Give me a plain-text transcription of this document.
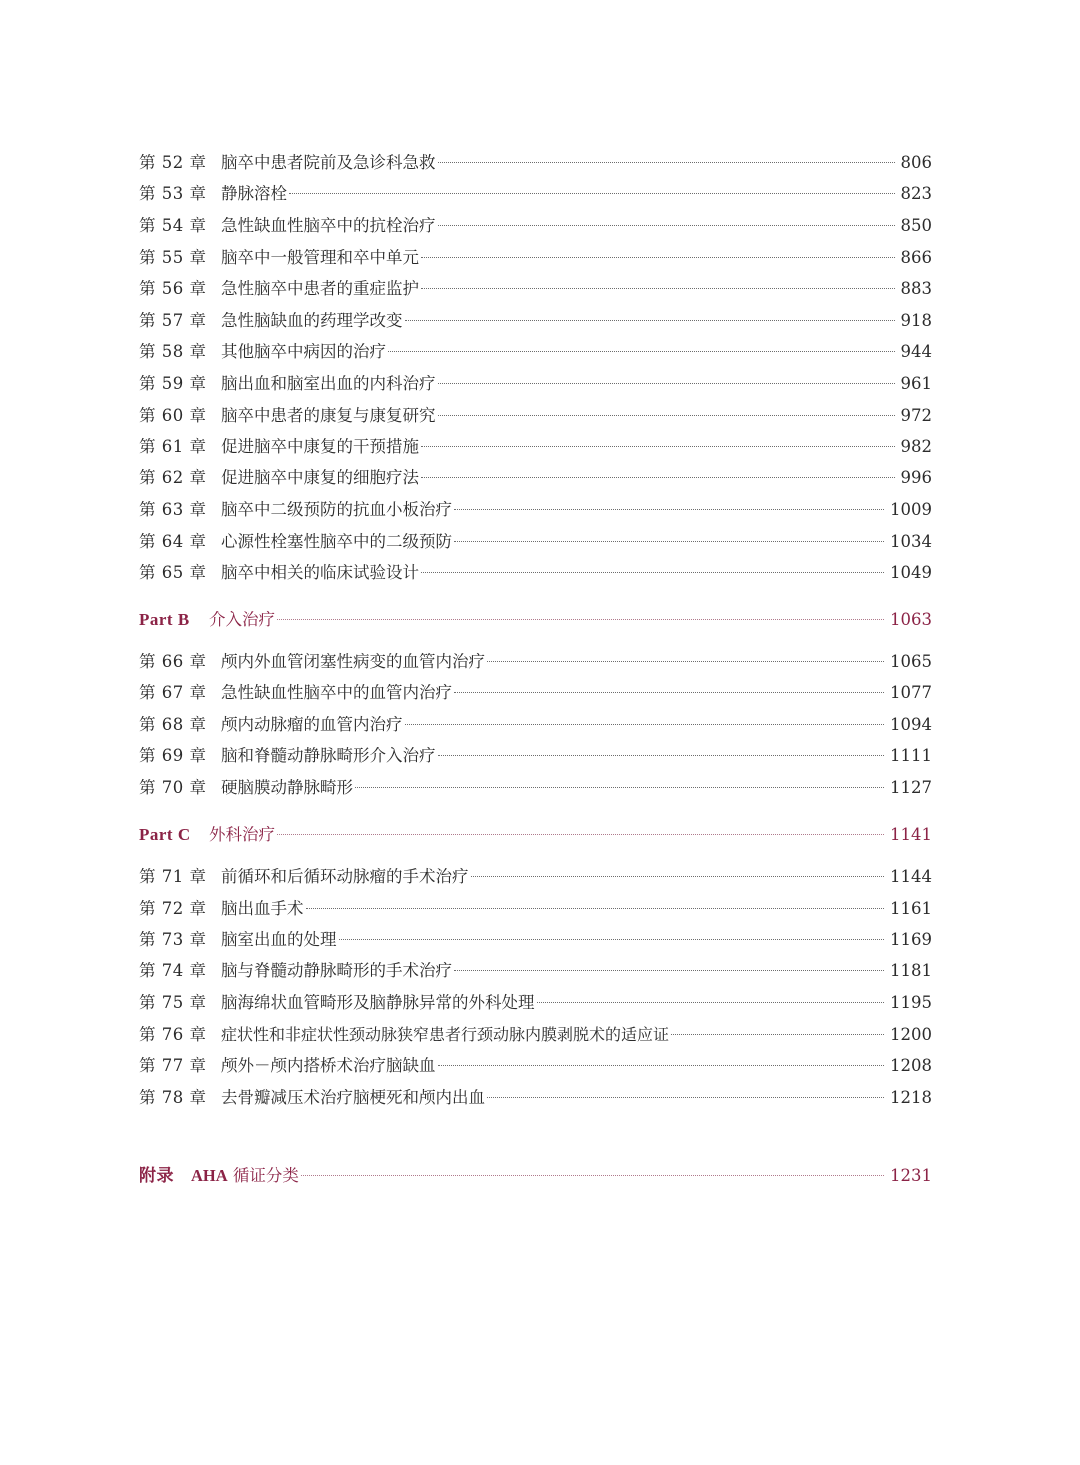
第 52 章 脑卒中患者院前及急诊科急救	806
第 53 章 静脉溶栓	823
第 54 章 急性缺血性脑卒中的抗栓治疗	850
第 55 章 脑卒中一般管理和卒中单元	866
第 56 章 急性脑卒中患者的重症监护	883
第 57 章 急性脑缺血的药理学改变	918
第 58 章 其他脑卒中病因的治疗	944
第 59 章 脑出血和脑室出血的内科治疗	961
第 60 章 脑卒中患者的康复与康复研究	972
第 61 章 促进脑卒中康复的干预措施	982
第 62 章 促进脑卒中康复的细胞疗法	996
第 63 章 脑卒中二级预防的抗血小板治疗	1009
第 64 章 心源性栓塞性脑卒中的二级预防	1034
第 65 章 脑卒中相关的临床试验设计	1049
Part B	介入治疗	1063
第 66 章 颅内外血管闭塞性病变的血管内治疗	1065
第 67 章 急性缺血性脑卒中的血管内治疗	1077
第 68 章 颅内动脉瘤的血管内治疗	1094
第 69 章 脑和脊髓动静脉畸形介入治疗	1111
第 70 章 硬脑膜动静脉畸形	1127
Part C	外科治疗	1141
第 71 章 前循环和后循环动脉瘤的手术治疗	1144
第 72 章 脑出血手术	1161
第 73 章 脑室出血的处理	1169
第 74 章 脑与脊髓动静脉畸形的手术治疗	1181
第 75 章 脑海绵状血管畸形及脑静脉异常的外科处理	1195
第 76 章 症状性和非症状性颈动脉狭窄患者行颈动脉内膜剥脱术的适应证	1200
第 77 章 颅外－颅内搭桥术治疗脑缺血	1208
第 78 章 去骨瓣减压术治疗脑梗死和颅内出血	1218
附录	AHA 循证分类	1231
